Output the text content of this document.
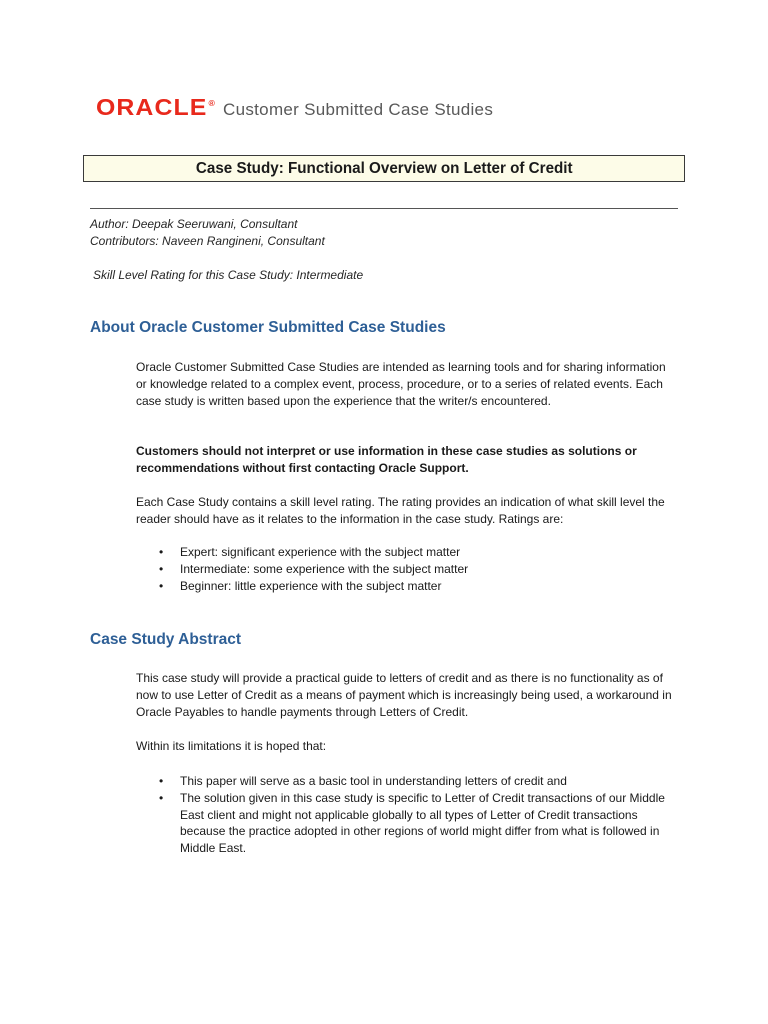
ORACLE® Customer Submitted Case Studies
Case Study: Functional Overview on Letter of Credit
Author: Deepak Seeruwani, Consultant
Contributors: Naveen Rangineni, Consultant
Skill Level Rating for this Case Study: Intermediate
About Oracle Customer Submitted Case Studies

Oracle Customer Submitted Case Studies are intended as learning tools and for sharing information or knowledge related to a complex event, process, procedure, or to a series of related events. Each case study is written based upon the experience that the writer/s encountered.

Customers should not interpret or use information in these case studies as solutions or recommendations without first contacting Oracle Support.

Each Case Study contains a skill level rating. The rating provides an indication of what skill level the reader should have as it relates to the information in the case study. Ratings are:

• Expert: significant experience with the subject matter
• Intermediate: some experience with the subject matter
• Beginner: little experience with the subject matter
Case Study Abstract

This case study will provide a practical guide to letters of credit and as there is no functionality as of now to use Letter of Credit as a means of payment which is increasingly being used, a workaround in Oracle Payables to handle payments through Letters of Credit.

Within its limitations it is hoped that:

• This paper will serve as a basic tool in understanding letters of credit and
• The solution given in this case study is specific to Letter of Credit transactions of our Middle East client and might not applicable globally to all types of Letter of Credit transactions because the practice adopted in other regions of world might differ from what is followed in Middle East.
